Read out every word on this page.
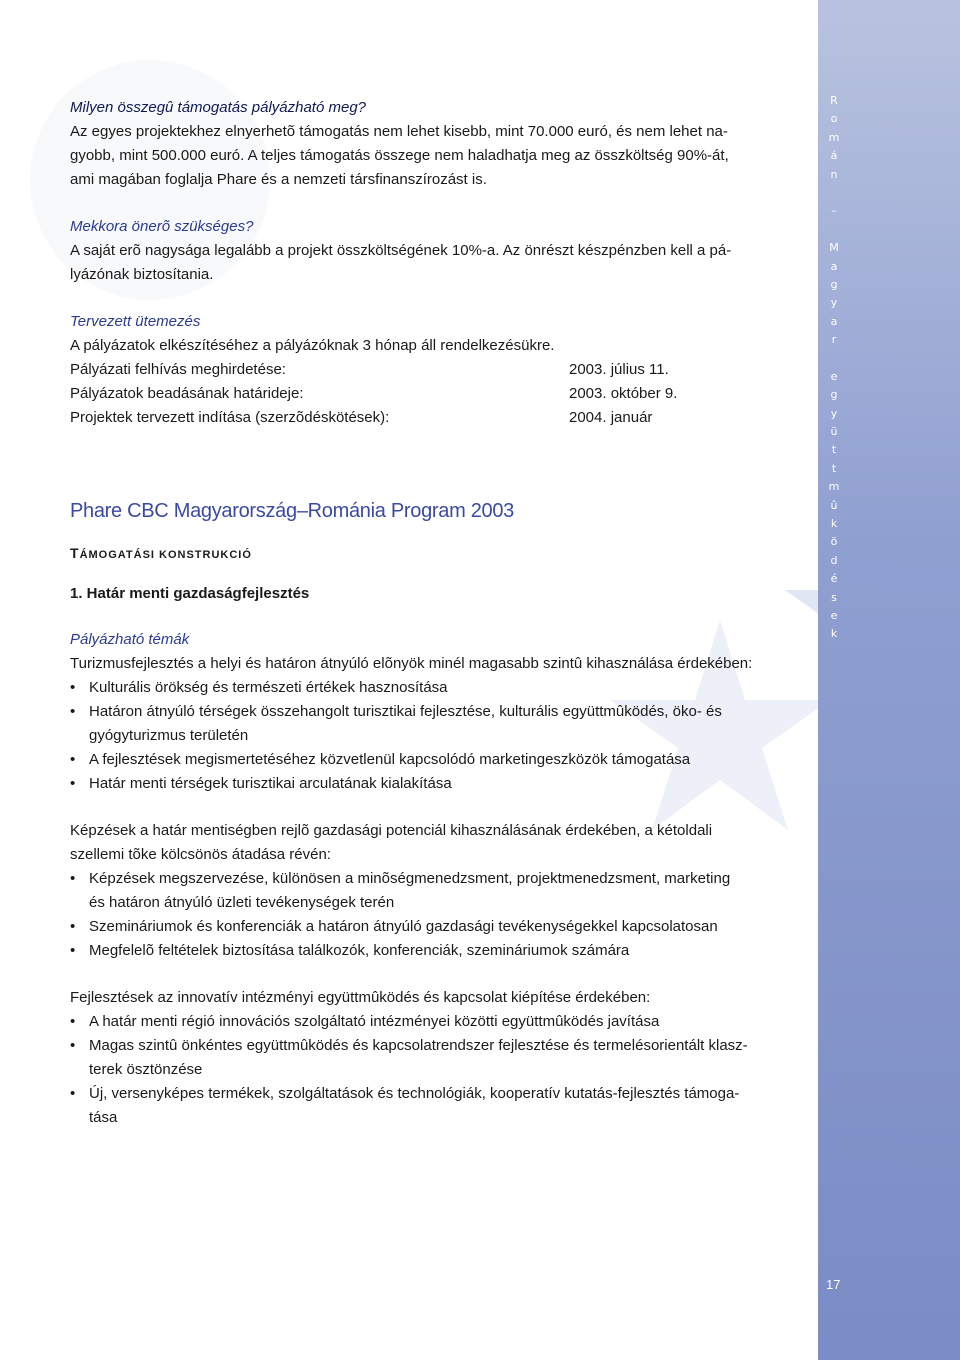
R
o
m
á
n

–

M
a
g
y
a
r

e
g
y
ü
t
t
m
û
k
ö
d
é
s
e
k
17

Milyen összegû támogatás pályázható meg?

Az egyes projektekhez elnyerhetõ támogatás nem lehet kisebb, mint 70.000 euró, és nem lehet na-

gyobb, mint 500.000 euró. A teljes támogatás összege nem haladhatja meg az összköltség 90%-át,

ami magában foglalja Phare és a nemzeti társfinanszírozást is.

Mekkora önerõ szükséges?

A saját erõ nagysága legalább a projekt összköltségének 10%-a. Az önrészt készpénzben kell a pá-

lyázónak biztosítania.

Tervezett ütemezés

A pályázatok elkészítéséhez a pályázóknak 3 hónap áll rendelkezésükre.

Pályázati felhívás meghirdetése:	2003. július 11.
Pályázatok beadásának határideje:	2003. október 9.
Projektek tervezett indítása (szerzõdéskötések):	2004. január

Phare CBC Magyarország–Románia Program 2003

TÁMOGATÁSI KONSTRUKCIÓ

1. Határ menti gazdaságfejlesztés

Pályázható témák

Turizmusfejlesztés a helyi és határon átnyúló elõnyök minél magasabb szintû kihasználása érdekében:

• Kulturális örökség és természeti értékek hasznosítása
• Határon átnyúló térségek összehangolt turisztikai fejlesztése, kulturális együttmûködés, öko- és
gyógyturizmus területén
• A fejlesztések megismertetéséhez közvetlenül kapcsolódó marketingeszközök támogatása
• Határ menti térségek turisztikai arculatának kialakítása

Képzések a határ mentiségben rejlõ gazdasági potenciál kihasználásának érdekében, a kétoldali

szellemi tõke kölcsönös átadása révén:

• Képzések megszervezése, különösen a minõségmenedzsment, projektmenedzsment, marketing
és határon átnyúló üzleti tevékenységek terén
• Szemináriumok és konferenciák a határon átnyúló gazdasági tevékenységekkel kapcsolatosan
• Megfelelõ feltételek biztosítása találkozók, konferenciák, szemináriumok számára

Fejlesztések az innovatív intézményi együttmûködés és kapcsolat kiépítése érdekében:

• A határ menti régió innovációs szolgáltató intézményei közötti együttmûködés javítása
• Magas szintû önkéntes együttmûködés és kapcsolatrendszer fejlesztése és termelésorientált klasz-
terek ösztönzése
• Új, versenyképes termékek, szolgáltatások és technológiák, kooperatív kutatás-fejlesztés támoga-
tása
